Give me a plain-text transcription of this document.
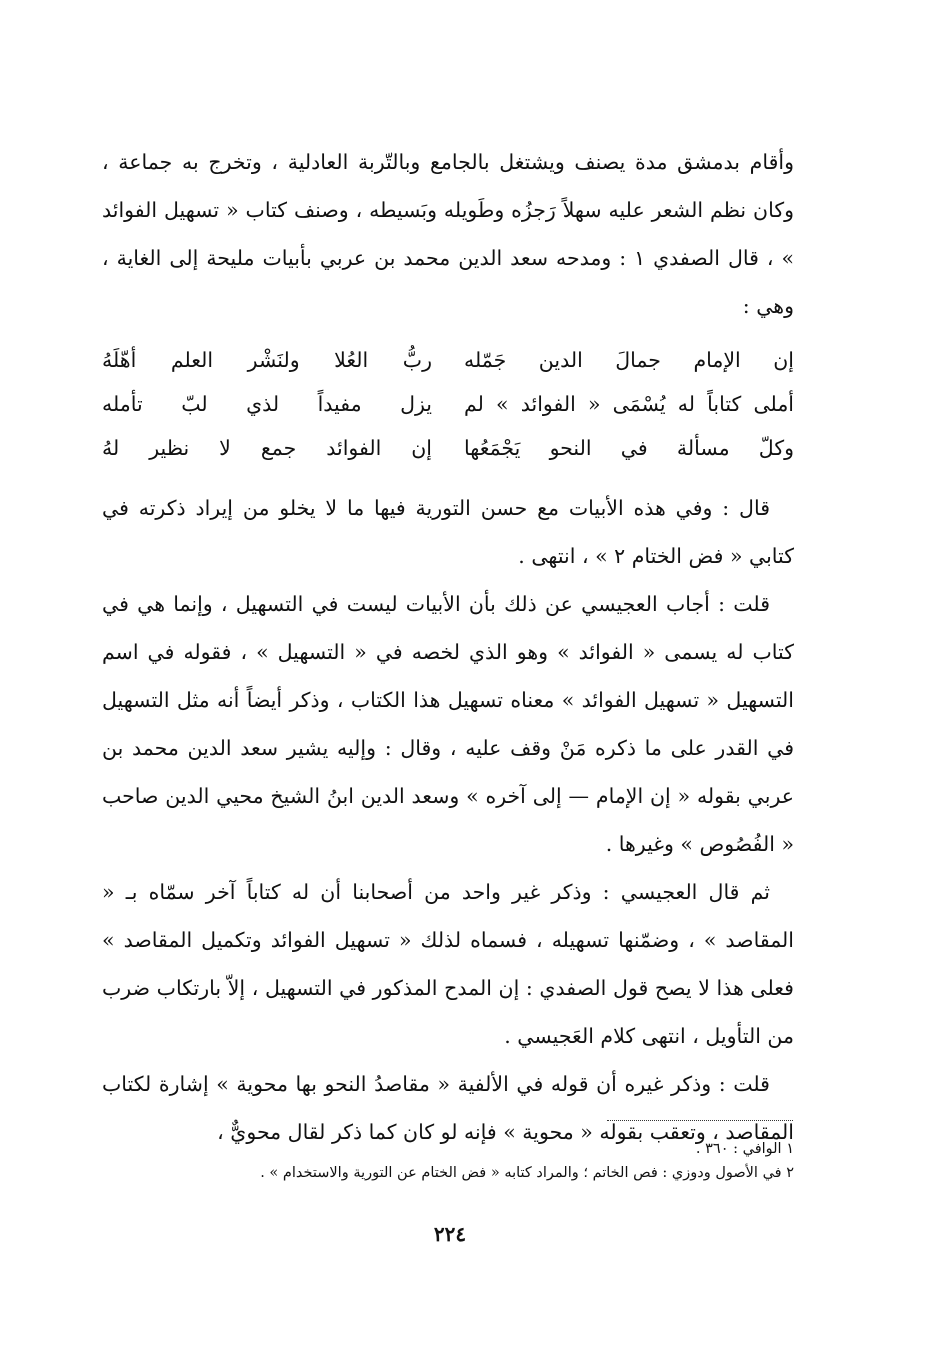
وأقام بدمشق مدة يصنف ويشتغل بالجامع وبالتّربة العادلية ، وتخرج به جماعة ، وكان نظم الشعر عليه سهلاً رَجزُه وطَويله وبَسيطه ، وصنف كتاب « تسهيل الفوائد » ، قال الصفدي ١ : ومدحه سعد الدين محمد بن عربي بأبيات مليحة إلى الغاية ، وهي :

إن الإمام جمالَ الدين جَمّله
ربُّ العُلا ولنَشْر العلم أهّلَهُ
أملى كتاباً له يُسْمَى « الفوائد » لم
يزل مفيداً لذي لبّ تأمله
وكلّ مسألة في النحو يَجْمَعُها
إن الفوائد جمع لا نظير لهُ

قال : وفي هذه الأبيات مع حسن التورية فيها ما لا يخلو من إيراد ذكرته في كتابي « فض الختام ٢ » ، انتهى .

قلت : أجاب العجيسي عن ذلك بأن الأبيات ليست في التسهيل ، وإنما هي في كتاب له يسمى « الفوائد » وهو الذي لخصه في « التسهيل » ، فقوله في اسم التسهيل « تسهيل الفوائد » معناه تسهيل هذا الكتاب ، وذكر أيضاً أنه مثل التسهيل في القدر على ما ذكره مَنْ وقف عليه ، وقال : وإليه يشير سعد الدين محمد بن عربي بقوله « إن الإمام — إلى آخره » وسعد الدين ابنُ الشيخ محيي الدين صاحب « الفُصُوص » وغيرها .

ثم قال العجيسي : وذكر غير واحد من أصحابنا أن له كتاباً آخر سمّاه بـ « المقاصد » ، وضمّنها تسهيله ، فسماه لذلك « تسهيل الفوائد وتكميل المقاصد » فعلى هذا لا يصح قول الصفدي : إن المدح المذكور في التسهيل ، إلاّ بارتكاب ضرب من التأويل ، انتهى كلام العَجيسي .

قلت : وذكر غيره أن قوله في الألفية « مقاصدُ النحو بها محوية » إشارة لكتاب المقاصد ، وتعقب بقوله « محوية » فإنه لو كان كما ذكر لقال محويٌّ ،

١ الوافي : ٣٦٠ .

٢ في الأصول ودوزي : فص الخاتم ؛ والمراد كتابه « فض الختام عن التورية والاستخدام » .

٢٢٤
